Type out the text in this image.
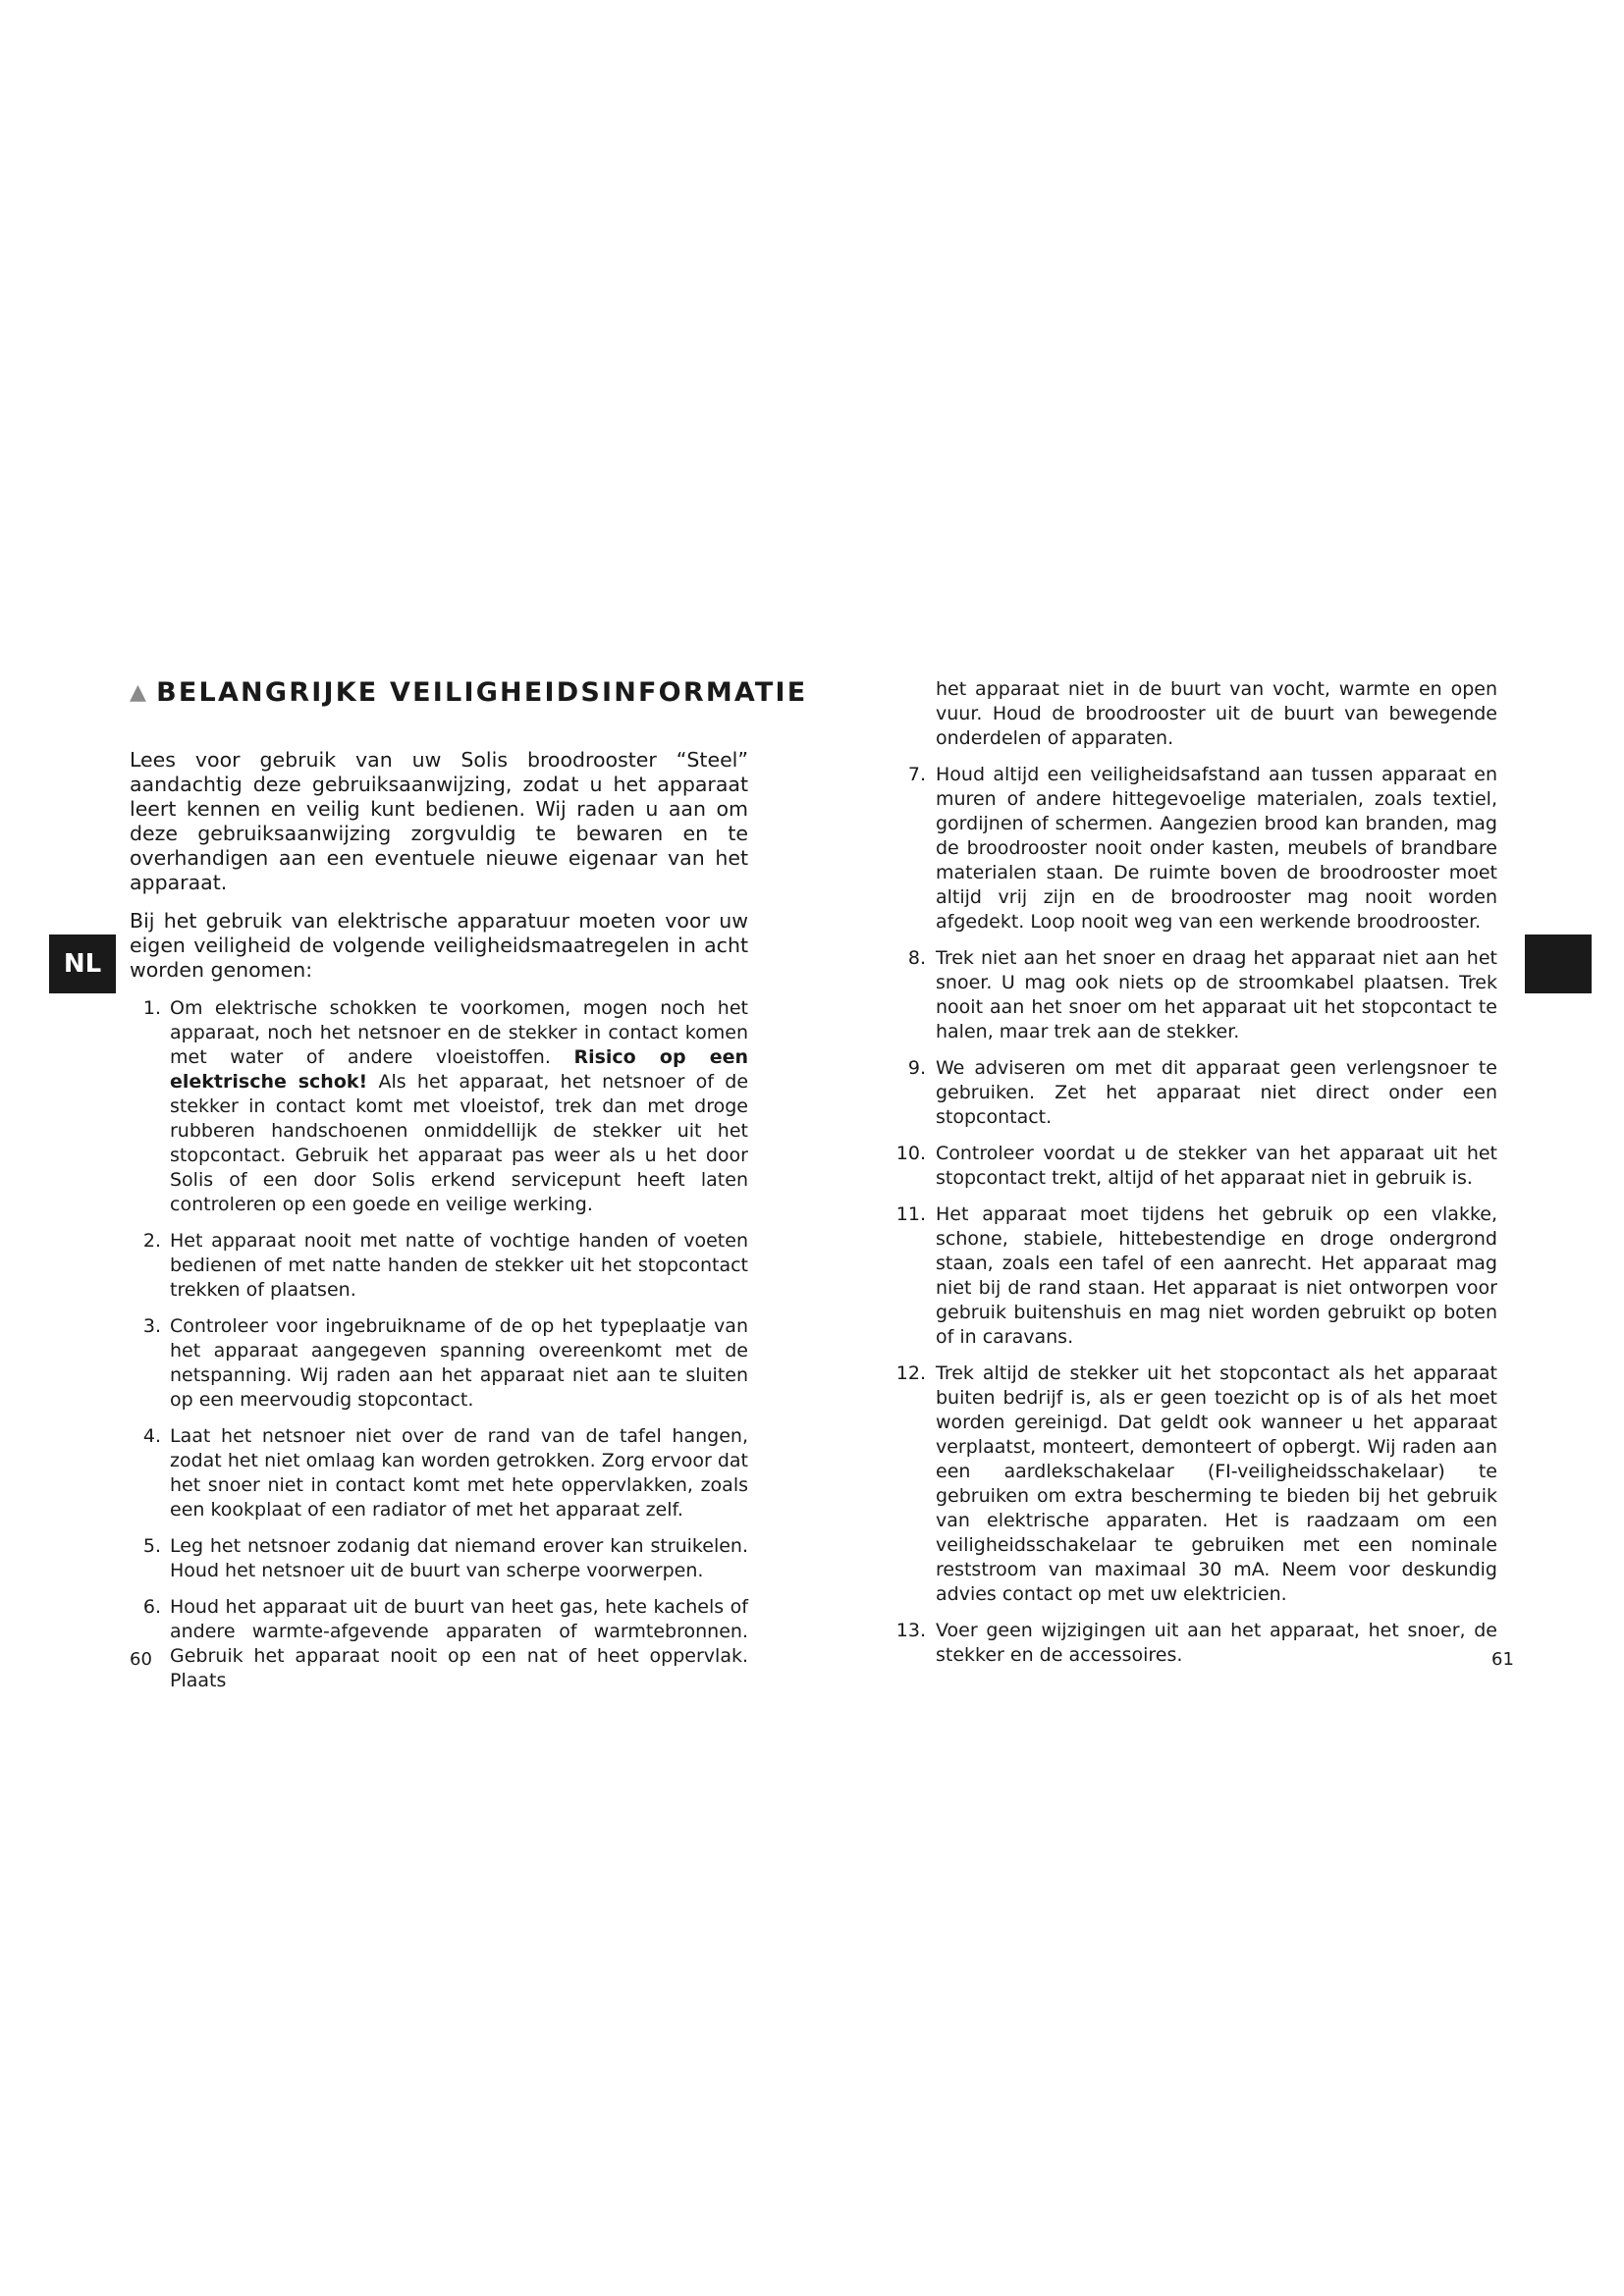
NL
▲ BELANGRIJKE VEILIGHEIDSINFORMATIE

Lees voor gebruik van uw Solis broodrooster “Steel” aandachtig deze gebruiksaanwijzing, zodat u het apparaat leert kennen en veilig kunt bedienen. Wij raden u aan om deze gebruiksaanwijzing zorgvuldig te bewaren en te overhandigen aan een eventuele nieuwe eigenaar van het apparaat.

Bij het gebruik van elektrische apparatuur moeten voor uw eigen veiligheid de volgende veiligheidsmaatregelen in acht worden genomen:

1. Om elektrische schokken te voorkomen, mogen noch het apparaat, noch het netsnoer en de stekker in contact komen met water of andere vloeistoffen. Risico op een elektrische schok! Als het apparaat, het netsnoer of de stekker in contact komt met vloeistof, trek dan met droge rubberen handschoenen onmiddellijk de stekker uit het stopcontact. Gebruik het apparaat pas weer als u het door Solis of een door Solis erkend servicepunt heeft laten controleren op een goede en veilige werking.
2. Het apparaat nooit met natte of vochtige handen of voeten bedienen of met natte handen de stekker uit het stopcontact trekken of plaatsen.
3. Controleer voor ingebruikname of de op het typeplaatje van het apparaat aangegeven spanning overeenkomt met de netspanning. Wij raden aan het apparaat niet aan te sluiten op een meervoudig stopcontact.
4. Laat het netsnoer niet over de rand van de tafel hangen, zodat het niet omlaag kan worden getrokken. Zorg ervoor dat het snoer niet in contact komt met hete oppervlakken, zoals een kookplaat of een radiator of met het apparaat zelf.
5. Leg het netsnoer zodanig dat niemand erover kan struikelen. Houd het netsnoer uit de buurt van scherpe voorwerpen.
6. Houd het apparaat uit de buurt van heet gas, hete kachels of andere warmte-afgevende apparaten of warmtebronnen. Gebruik het apparaat nooit op een nat of heet oppervlak. Plaats
het apparaat niet in de buurt van vocht, warmte en open vuur. Houd de broodrooster uit de buurt van bewegende onderdelen of apparaten.
7. Houd altijd een veiligheidsafstand aan tussen apparaat en muren of andere hittegevoelige materialen, zoals textiel, gordijnen of schermen. Aangezien brood kan branden, mag de broodrooster nooit onder kasten, meubels of brandbare materialen staan. De ruimte boven de broodrooster moet altijd vrij zijn en de broodrooster mag nooit worden afgedekt. Loop nooit weg van een werkende broodrooster.
8. Trek niet aan het snoer en draag het apparaat niet aan het snoer. U mag ook niets op de stroomkabel plaatsen. Trek nooit aan het snoer om het apparaat uit het stopcontact te halen, maar trek aan de stekker.
9. We adviseren om met dit apparaat geen verlengsnoer te gebruiken. Zet het apparaat niet direct onder een stopcontact.
10. Controleer voordat u de stekker van het apparaat uit het stopcontact trekt, altijd of het apparaat niet in gebruik is.
11. Het apparaat moet tijdens het gebruik op een vlakke, schone, stabiele, hittebestendige en droge ondergrond staan, zoals een tafel of een aanrecht. Het apparaat mag niet bij de rand staan. Het apparaat is niet ontworpen voor gebruik buitenshuis en mag niet worden gebruikt op boten of in caravans.
12. Trek altijd de stekker uit het stopcontact als het apparaat buiten bedrijf is, als er geen toezicht op is of als het moet worden gereinigd. Dat geldt ook wanneer u het apparaat verplaatst, monteert, demonteert of opbergt. Wij raden aan een aardlekschakelaar (FI-veiligheidsschakelaar) te gebruiken om extra bescherming te bieden bij het gebruik van elektrische apparaten. Het is raadzaam om een veiligheidsschakelaar te gebruiken met een nominale reststroom van maximaal 30 mA. Neem voor deskundig advies contact op met uw elektricien.
13. Voer geen wijzigingen uit aan het apparaat, het snoer, de stekker en de accessoires.
60	61
